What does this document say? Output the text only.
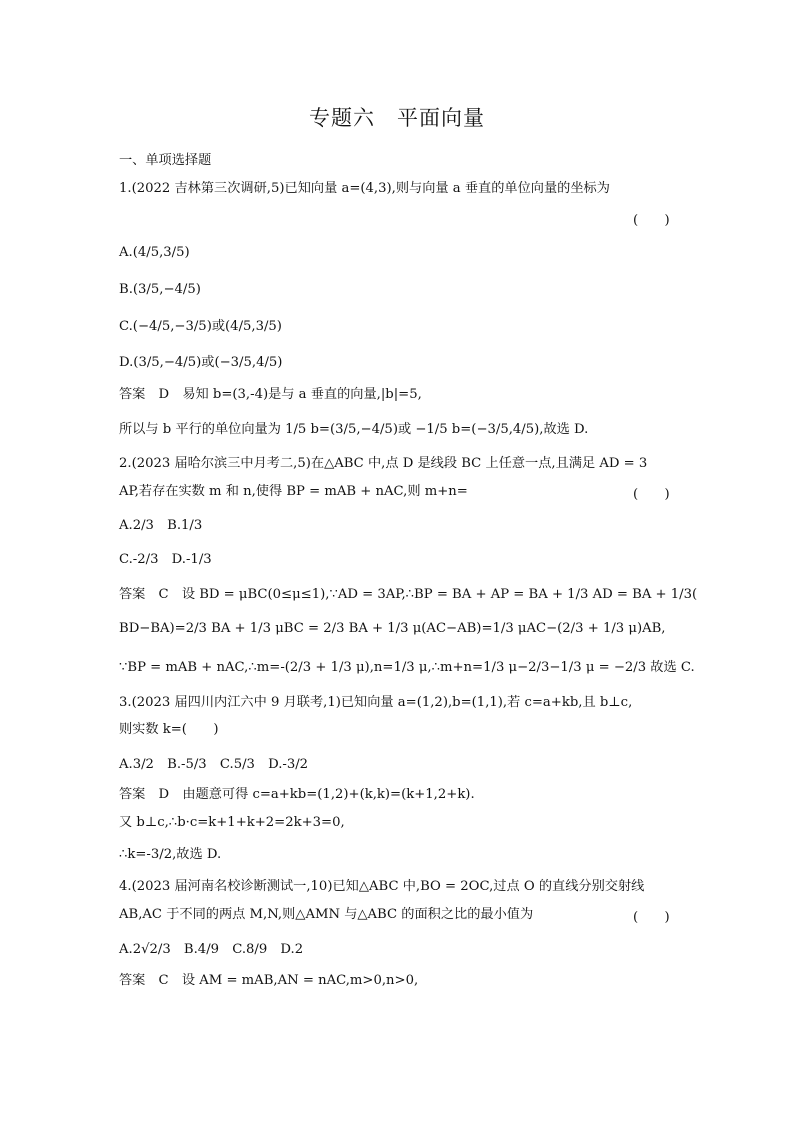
专题六　平面向量
一、单项选择题
1.(2022 吉林第三次调研,5)已知向量 a=(4,3),则与向量 a 垂直的单位向量的坐标为
(　　)
A.(4/5,3/5)
B.(3/5,−4/5)
C.(−4/5,−3/5)或(4/5,3/5)
D.(3/5,−4/5)或(−3/5,4/5)
答案　D　易知 b=(3,-4)是与 a 垂直的向量,|b|=5,
所以与 b 平行的单位向量为 1/5 b=(3/5,−4/5)或 −1/5 b=(−3/5,4/5),故选 D.
2.(2023 届哈尔滨三中月考二,5)在△ABC 中,点 D 是线段 BC 上任意一点,且满足 AD = 3
AP,若存在实数 m 和 n,使得 BP = mAB + nAC,则 m+n=	(　　)
A.2/3　B.1/3
C.-2/3　D.-1/3
答案　C　设 BD = μBC(0≤μ≤1),∵AD = 3AP,∴BP = BA + AP = BA + 1/3 AD = BA + 1/3(
BD−BA)=2/3 BA + 1/3 μBC = 2/3 BA + 1/3 μ(AC−AB)=1/3 μAC−(2/3 + 1/3 μ)AB,
∵BP = mAB + nAC,∴m=-(2/3 + 1/3 μ),n=1/3 μ,∴m+n=1/3 μ−2/3−1/3 μ = −2/3 故选 C.
3.(2023 届四川内江六中 9 月联考,1)已知向量 a=(1,2),b=(1,1),若 c=a+kb,且 b⊥c,
则实数 k=(　　)
A.3/2　B.-5/3　C.5/3　D.-3/2
答案　D　由题意可得 c=a+kb=(1,2)+(k,k)=(k+1,2+k).
又 b⊥c,∴b·c=k+1+k+2=2k+3=0,
∴k=-3/2,故选 D.
4.(2023 届河南名校诊断测试一,10)已知△ABC 中,BO = 2OC,过点 O 的直线分别交射线
AB,AC 于不同的两点 M,N,则△AMN 与△ABC 的面积之比的最小值为	(　　)
A.2√2/3　B.4/9　C.8/9　D.2
答案　C　设 AM = mAB,AN = nAC,m>0,n>0,
